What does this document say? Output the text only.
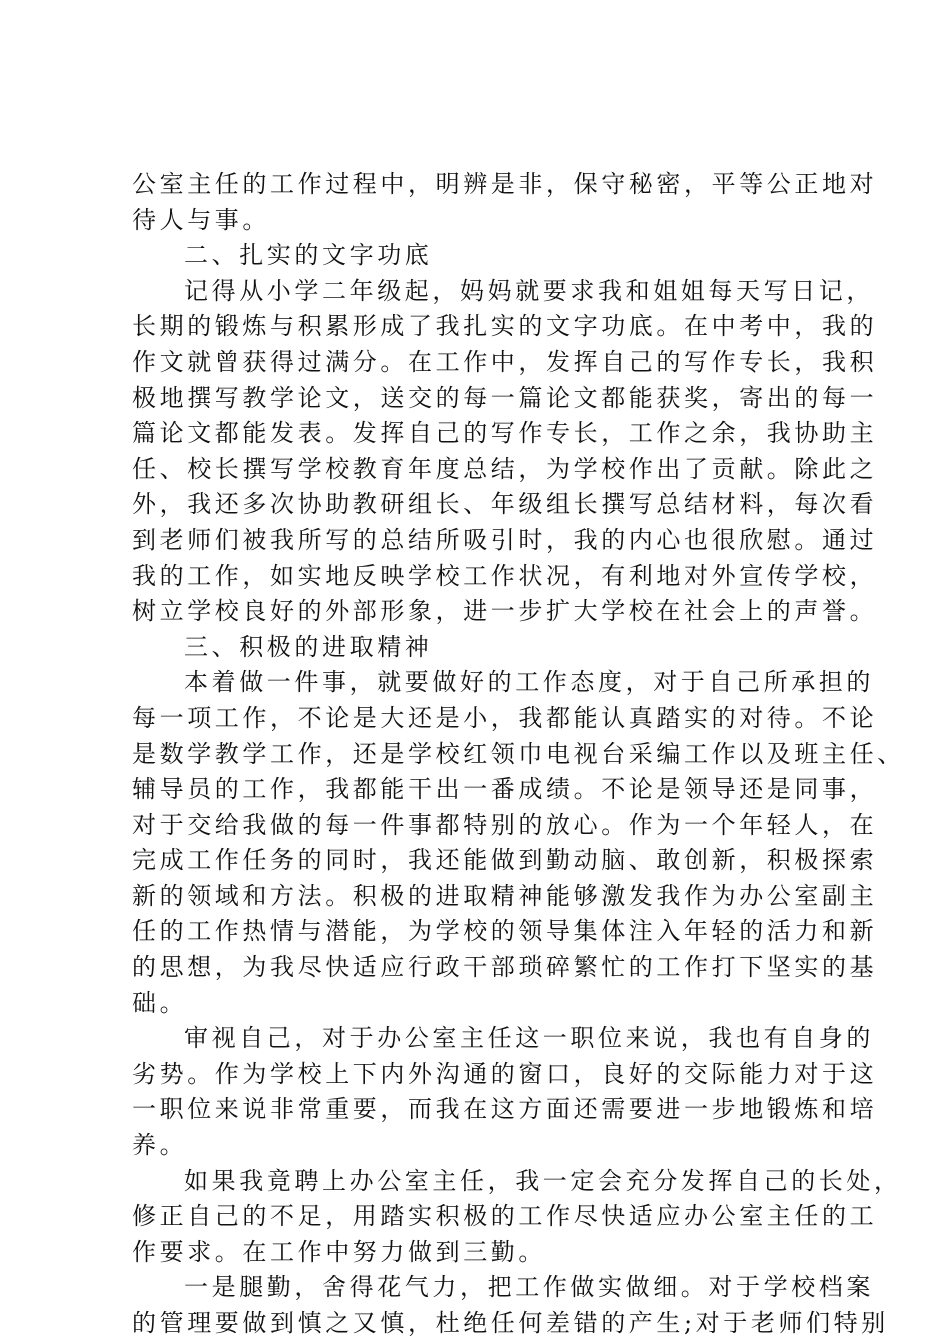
公室主任的工作过程中，明辨是非，保守秘密，平等公正地对
待人与事。
二、扎实的文字功底
记得从小学二年级起，妈妈就要求我和姐姐每天写日记，
长期的锻炼与积累形成了我扎实的文字功底。在中考中，我的
作文就曾获得过满分。在工作中，发挥自己的写作专长，我积
极地撰写教学论文，送交的每一篇论文都能获奖，寄出的每一
篇论文都能发表。发挥自己的写作专长，工作之余，我协助主
任、校长撰写学校教育年度总结，为学校作出了贡献。除此之
外，我还多次协助教研组长、年级组长撰写总结材料，每次看
到老师们被我所写的总结所吸引时，我的内心也很欣慰。通过
我的工作，如实地反映学校工作状况，有利地对外宣传学校，
树立学校良好的外部形象，进一步扩大学校在社会上的声誉。
三、积极的进取精神
本着做一件事，就要做好的工作态度，对于自己所承担的
每一项工作，不论是大还是小，我都能认真踏实的对待。不论
是数学教学工作，还是学校红领巾电视台采编工作以及班主任、
辅导员的工作，我都能干出一番成绩。不论是领导还是同事，
对于交给我做的每一件事都特别的放心。作为一个年轻人，在
完成工作任务的同时，我还能做到勤动脑、敢创新，积极探索
新的领域和方法。积极的进取精神能够激发我作为办公室副主
任的工作热情与潜能，为学校的领导集体注入年轻的活力和新
的思想，为我尽快适应行政干部琐碎繁忙的工作打下坚实的基
础。
审视自己，对于办公室主任这一职位来说，我也有自身的
劣势。作为学校上下内外沟通的窗口，良好的交际能力对于这
一职位来说非常重要，而我在这方面还需要进一步地锻炼和培
养。
如果我竟聘上办公室主任，我一定会充分发挥自己的长处，
修正自己的不足，用踏实积极的工作尽快适应办公室主任的工
作要求。在工作中努力做到三勤。
一是腿勤，舍得花气力，把工作做实做细。对于学校档案
的管理要做到慎之又慎，杜绝任何差错的产生;对于老师们特别
